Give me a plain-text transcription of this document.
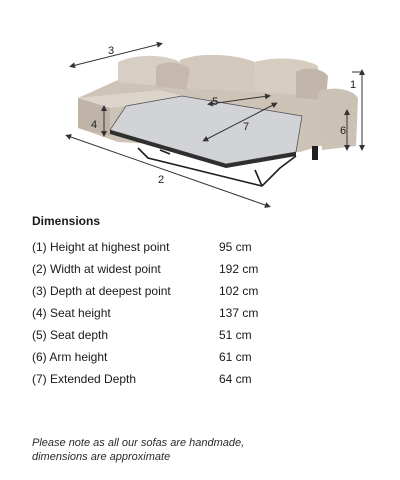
3
5
7
1
4	6
2
Dimensions
(1) Height at highest point	95 cm
(2) Width at widest point	192 cm
(3) Depth at deepest point	102 cm
(4) Seat height	137 cm
(5) Seat depth	51 cm
(6) Arm height	61 cm
(7) Extended Depth	64 cm
Please note as all our sofas are handmade,
dimensions are approximate
